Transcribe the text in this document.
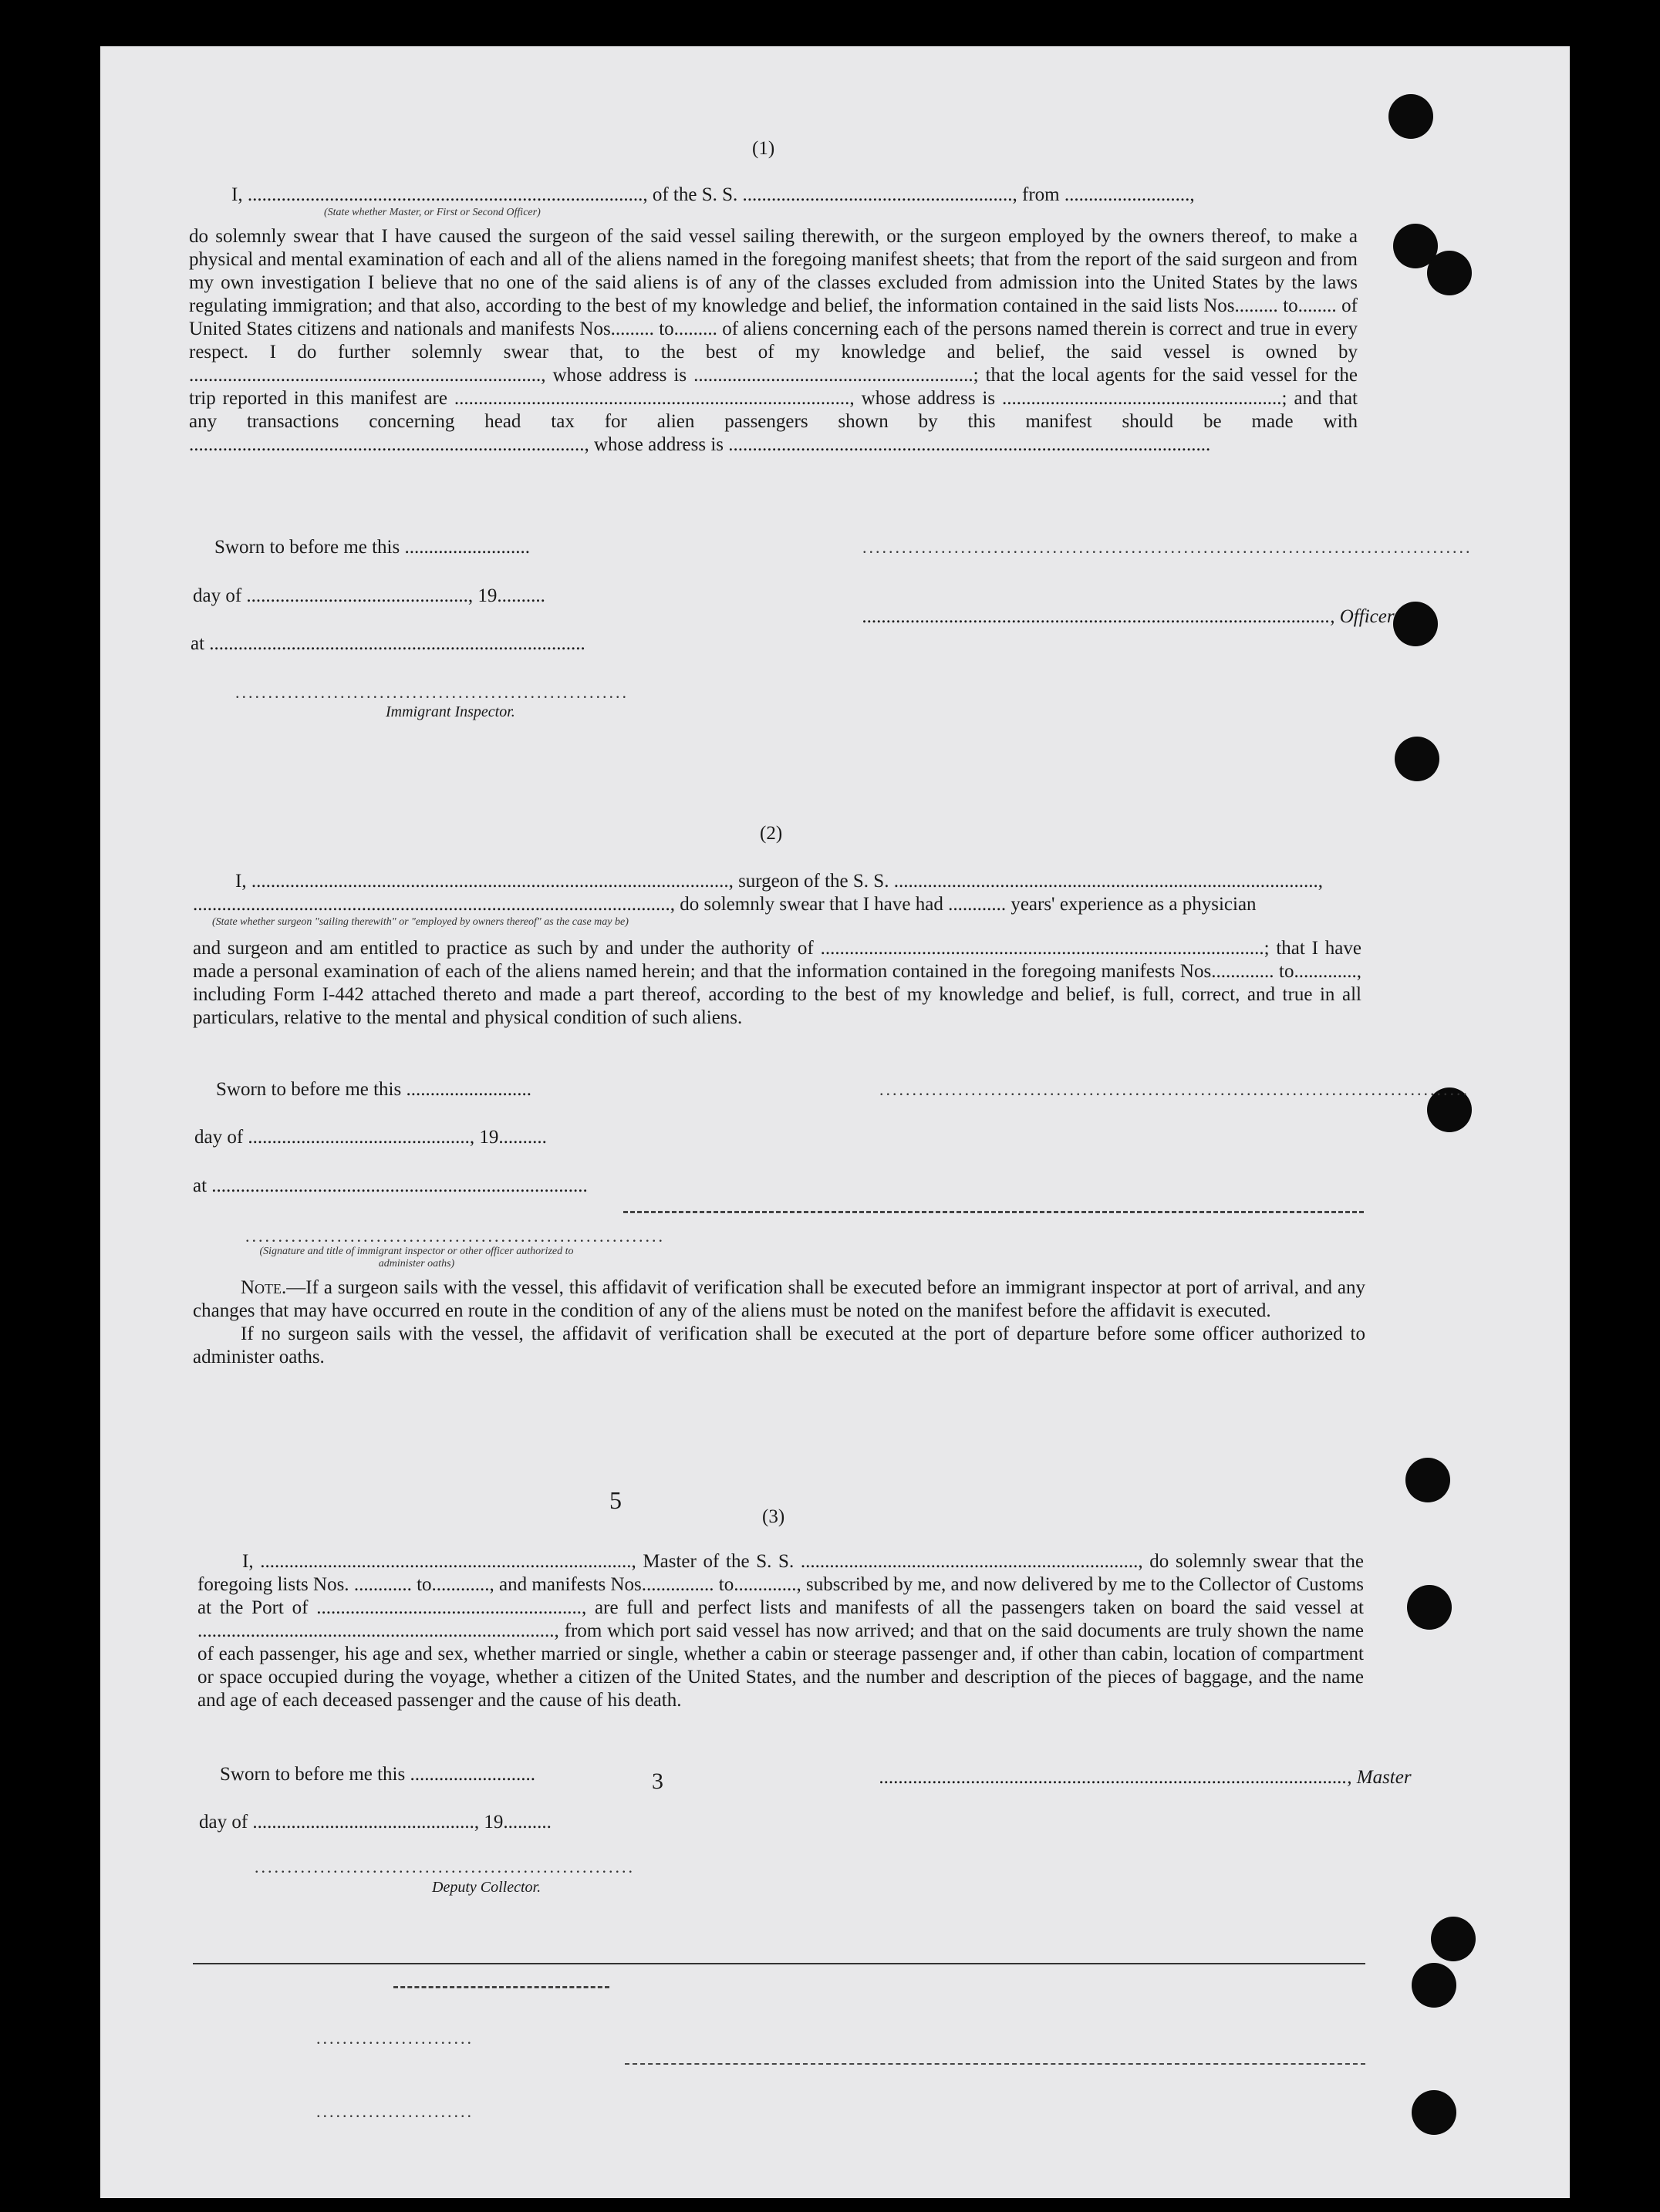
(1)
I, .................................................................................., of the S. S. ........................................................, from ..........................,
(State whether Master, or First or Second Officer)

do solemnly swear that I have caused the surgeon of the said vessel sailing therewith, or the surgeon employed by the owners thereof, to make a physical and mental examination of each and all of the aliens named in the foregoing manifest sheets; that from the report of the said surgeon and from my own investigation I believe that no one of the said aliens is of any of the classes excluded from admission into the United States by the laws regulating immigration; and that also, according to the best of my knowledge and belief, the information contained in the said lists Nos......... to........ of United States citizens and nationals and manifests Nos......... to......... of aliens concerning each of the persons named therein is correct and true in every respect. I do further solemnly swear that, to the best of my knowledge and belief, the said vessel is owned by ........................................................................., whose address is ..........................................................; that the local agents for the said vessel for the trip reported in this manifest are .................................................................................., whose address is ..........................................................; and that any transactions concerning head tax for alien passengers shown by this manifest should be made with .................................................................................., whose address is ....................................................................................................

Sworn to before me this ..........................
day of .............................................., 19..........
at ..............................................................................
.............................................................................................
................................................................................................., Officer
............................................................
Immigrant Inspector.
(2)
I, ..................................................................................................., surgeon of the S. S. ........................................................................................,
..................................................................................................., do solemnly swear that I have had ............ years' experience as a physician
(State whether surgeon "sailing therewith" or "employed by owners thereof" as the case may be)

and surgeon and am entitled to practice as such by and under the authority of ............................................................................................; that I have made a personal examination of each of the aliens named herein; and that the information contained in the foregoing manifests Nos............. to............., including Form I-442 attached thereto and made a part thereof, according to the best of my knowledge and belief, is full, correct, and true in all particulars, relative to the mental and physical condition of such aliens.

Sworn to before me this ..........................
day of .............................................., 19..........
at ..............................................................................
..........................................................................................
................................................................
(Signature and title of immigrant inspector or other officer authorized to administer oaths)

Note.—If a surgeon sails with the vessel, this affidavit of verification shall be executed before an immigrant inspector at port of arrival, and any changes that may have occurred en route in the condition of any of the aliens must be noted on the manifest before the affidavit is executed.

If no surgeon sails with the vessel, the affidavit of verification shall be executed at the port of departure before some officer authorized to administer oaths.

5
(3)

I, ............................................................................., Master of the S. S. ......................................................................, do solemnly swear that the foregoing lists Nos. ............ to............, and manifests Nos............... to............., subscribed by me, and now delivered by me to the Collector of Customs at the Port of ......................................................., are full and perfect lists and manifests of all the passengers taken on board the said vessel at .........................................................................., from which port said vessel has now arrived; and that on the said documents are truly shown the name of each passenger, his age and sex, whether married or single, whether a cabin or steerage passenger and, if other than cabin, location of compartment or space occupied during the voyage, whether a citizen of the United States, and the number and description of the pieces of baggage, and the name and age of each deceased passenger and the cause of his death.

Sworn to before me this ..........................
day of .............................................., 19..........
................................................................................................., Master
3
..........................................................
Deputy Collector.
........................
........................
